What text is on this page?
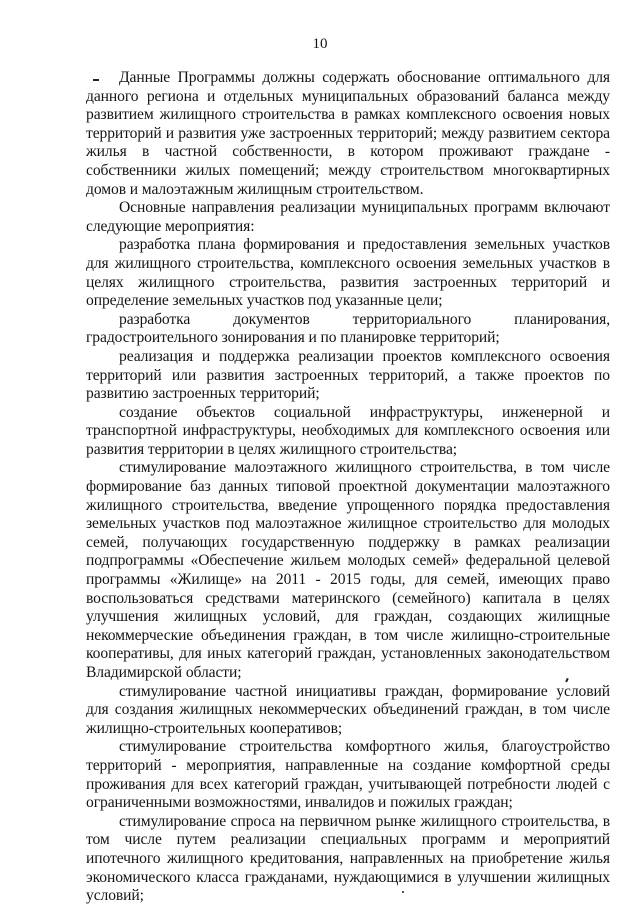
10

Данные Программы должны содержать обоснование оптимального для данного региона и отдельных муниципальных образований баланса между развитием жилищного строительства в рамках комплексного освоения новых территорий и развития уже застроенных территорий; между развитием сектора жилья в частной собственности, в котором проживают граждане - собственники жилых помещений; между строительством многоквартирных домов и малоэтажным жилищным строительством.

Основные направления реализации муниципальных программ включают следующие мероприятия:

разработка плана формирования и предоставления земельных участков для жилищного строительства, комплексного освоения земельных участков в целях жилищного строительства, развития застроенных территорий и определение земельных участков под указанные цели;

разработка документов территориального планирования, градостроительного зонирования и по планировке территорий;

реализация и поддержка реализации проектов комплексного освоения территорий или развития застроенных территорий, а также проектов по развитию застроенных территорий;

создание объектов социальной инфраструктуры, инженерной и транспортной инфраструктуры, необходимых для комплексного освоения или развития территории в целях жилищного строительства;

стимулирование малоэтажного жилищного строительства, в том числе формирование баз данных типовой проектной документации малоэтажного жилищного строительства, введение упрощенного порядка предоставления земельных участков под малоэтажное жилищное строительство для молодых семей, получающих государственную поддержку в рамках реализации подпрограммы «Обеспечение жильем молодых семей» федеральной целевой программы «Жилище» на 2011 - 2015 годы, для семей, имеющих право воспользоваться средствами материнского (семейного) капитала в целях улучшения жилищных условий, для граждан, создающих жилищные некоммерческие объединения граждан, в том числе жилищно-строительные кооперативы, для иных категорий граждан, установленных законодательством Владимирской области;

стимулирование частной инициативы граждан, формирование условий для создания жилищных некоммерческих объединений граждан, в том числе жилищно-строительных кооперативов;

стимулирование строительства комфортного жилья, благоустройство территорий - мероприятия, направленные на создание комфортной среды проживания для всех категорий граждан, учитывающей потребности людей с ограниченными возможностями, инвалидов и пожилых граждан;

стимулирование спроса на первичном рынке жилищного строительства, в том числе путем реализации специальных программ и мероприятий ипотечного жилищного кредитования, направленных на приобретение жилья экономического класса гражданами, нуждающимися в улучшении жилищных условий;
